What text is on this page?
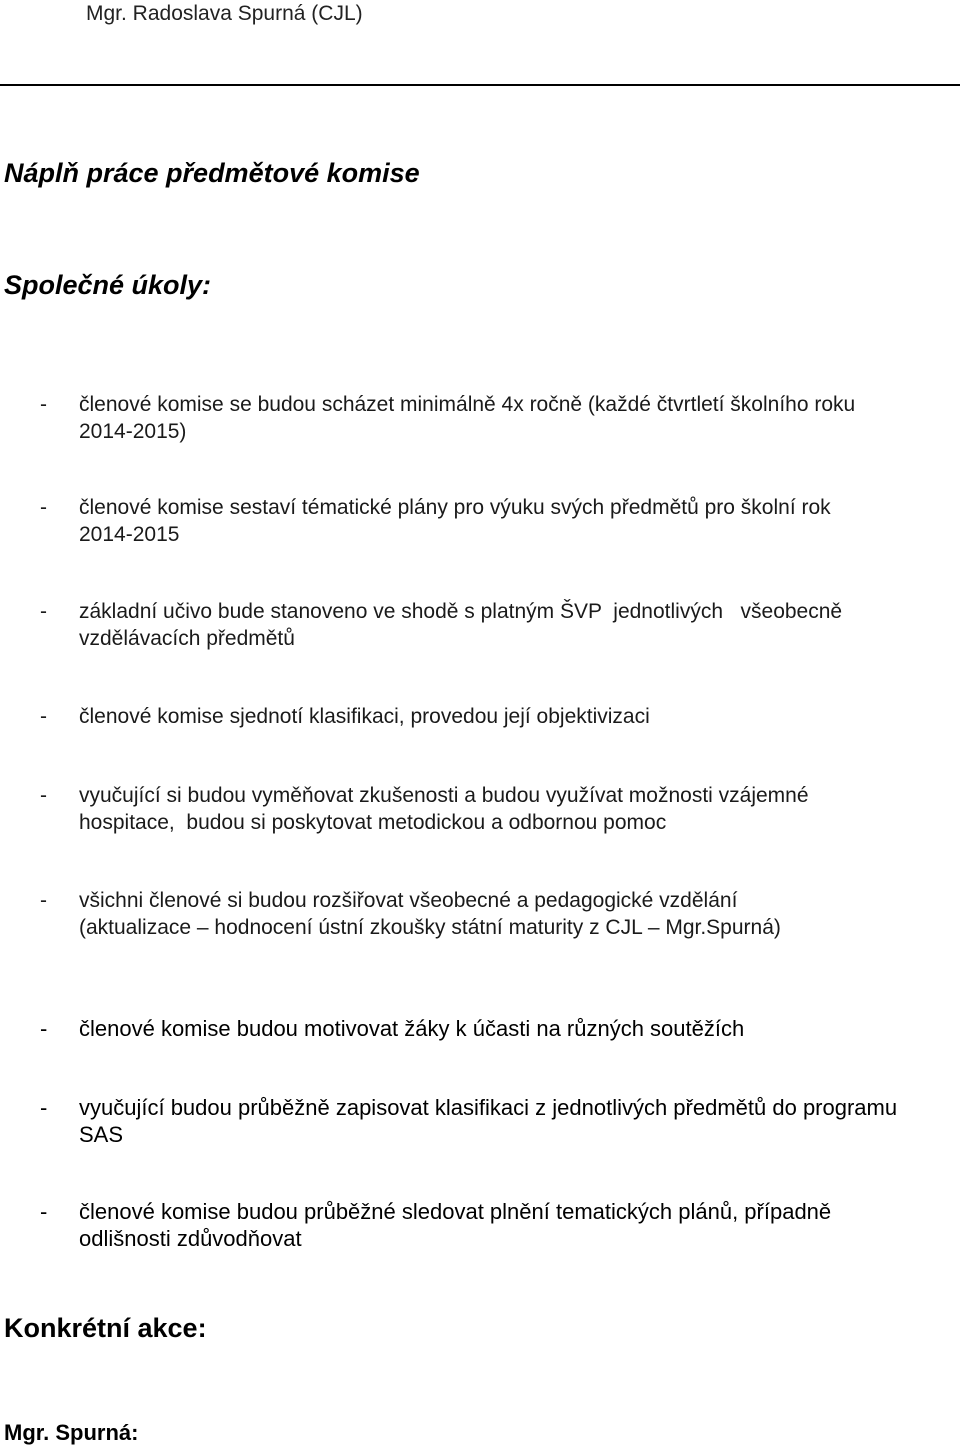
Mgr. Radoslava Spurná (CJL)
Náplň práce předmětové komise
Společné úkoly:
- členové komise se budou scházet minimálně 4x ročně (každé čtvrtletí školního roku
2014-2015)
- členové komise sestaví tématické plány pro výuku svých předmětů pro školní rok
2014-2015
- základní učivo bude stanoveno ve shodě s platným ŠVP  jednotlivých   všeobecně
vzdělávacích předmětů
- členové komise sjednotí klasifikaci, provedou její objektivizaci
- vyučující si budou vyměňovat zkušenosti a budou využívat možnosti vzájemné
hospitace,  budou si poskytovat metodickou a odbornou pomoc
- všichni členové si budou rozšiřovat všeobecné a pedagogické vzdělání
(aktualizace – hodnocení ústní zkoušky státní maturity z CJL – Mgr.Spurná)
- členové komise budou motivovat žáky k účasti na různých soutěžích
- vyučující budou průběžně zapisovat klasifikaci z jednotlivých předmětů do programu
SAS
- členové komise budou průběžné sledovat plnění tematických plánů, případně
odlišnosti zdůvodňovat
Konkrétní akce:
Mgr. Spurná:
